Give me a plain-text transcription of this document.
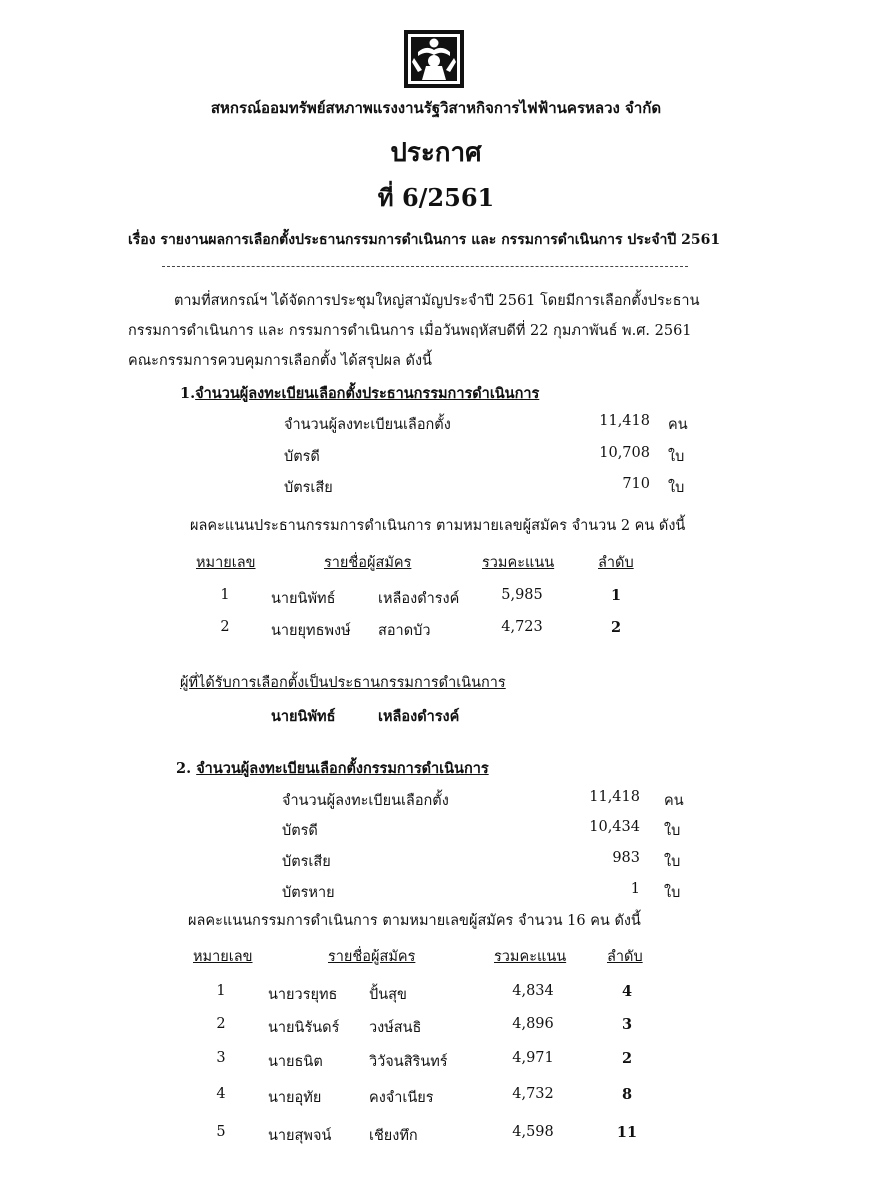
สหกรณ์ออมทรัพย์สหภาพแรงงานรัฐวิสาหกิจการไฟฟ้านครหลวง จำกัด
ประกาศ
ที่ 6/2561
เรื่อง รายงานผลการเลือกตั้งประธานกรรมการดำเนินการ และ กรรมการดำเนินการ ประจำปี 2561
ตามที่สหกรณ์ฯ ได้จัดการประชุมใหญ่สามัญประจำปี 2561 โดยมีการเลือกตั้งประธาน
กรรมการดำเนินการ และ กรรมการดำเนินการ เมื่อวันพฤหัสบดีที่ 22 กุมภาพันธ์ พ.ศ. 2561
คณะกรรมการควบคุมการเลือกตั้ง ได้สรุปผล ดังนี้
1.จำนวนผู้ลงทะเบียนเลือกตั้งประธานกรรมการดำเนินการ
จำนวนผู้ลงทะเบียนเลือกตั้ง	11,418 คน
บัตรดี	10,708 ใบ
บัตรเสีย	710 ใบ
ผลคะแนนประธานกรรมการดำเนินการ ตามหมายเลขผู้สมัคร จำนวน 2 คน ดังนี้
หมายเลข	รายชื่อผู้สมัคร	รวมคะแนน	ลำดับ
1	นายนิพัทธ์	เหลืองดำรงค์	5,985	1
2	นายยุทธพงษ์ สอาดบัว	4,723	2
ผู้ที่ได้รับการเลือกตั้งเป็นประธานกรรมการดำเนินการ
นายนิพัทธ์	เหลืองดำรงค์
2. จำนวนผู้ลงทะเบียนเลือกตั้งกรรมการดำเนินการ
จำนวนผู้ลงทะเบียนเลือกตั้ง	11,418 คน
บัตรดี	10,434 ใบ
บัตรเสีย	983 ใบ
บัตรหาย	1 ใบ
ผลคะแนนกรรมการดำเนินการ ตามหมายเลขผู้สมัคร จำนวน 16 คน ดังนี้
หมายเลข	รายชื่อผู้สมัคร	รวมคะแนน	ลำดับ
1	นายวรยุทธ ปั้นสุข	4,834	4
2	นายนิรันดร์ วงษ์สนธิ	4,896	3
3	นายธนิต	วิวัจนสิรินทร์	4,971	2
4	นายอุทัย	คงจำเนียร	4,732	8
5	นายสุพจน์	เชียงทึก	4,598	11
